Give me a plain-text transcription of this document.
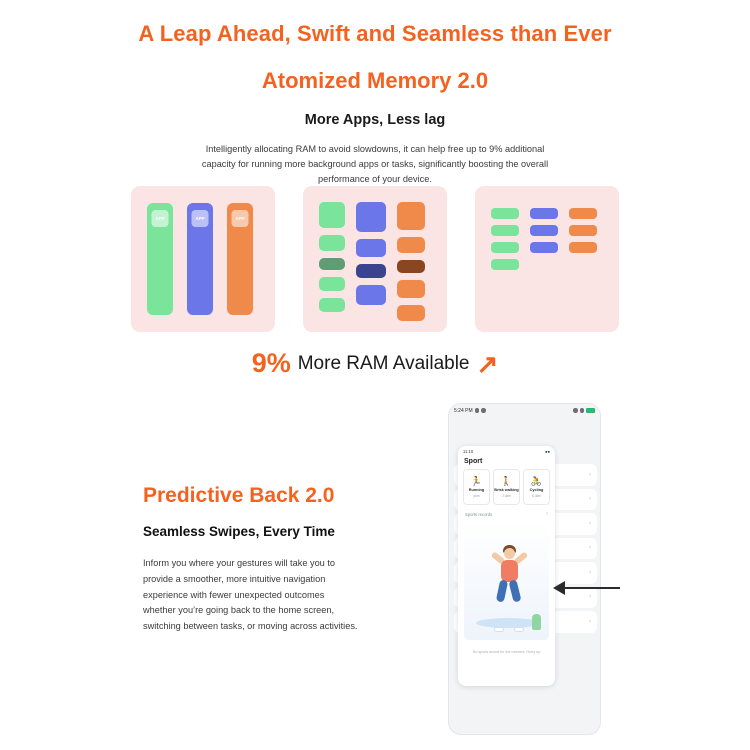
A Leap Ahead, Swift and Seamless than Ever
Atomized Memory 2.0
More Apps, Less lag
Intelligently allocating RAM to avoid slowdowns, it can help free up to 9% additional capacity for running more background apps or tasks, significantly boosting the overall performance of your device.
APP	APP	APP
9% More RAM Available ↗
Predictive Back 2.0
Seamless Swipes, Every Time
Inform you where your gestures will take you to provide a smoother, more intuitive navigation experience with fewer unexpected outcomes whether you’re going back to the home screen, switching between tasks, or moving across activities.
5:24 PM
›
›
›
›
›
›
›
11:10	●●
Sport
🏃
Running
pkm
🚶
Brisk walking
2.4km
🚴
Cycling
6.4km
Sports records	›
No sports record for the moment. Hurry up
